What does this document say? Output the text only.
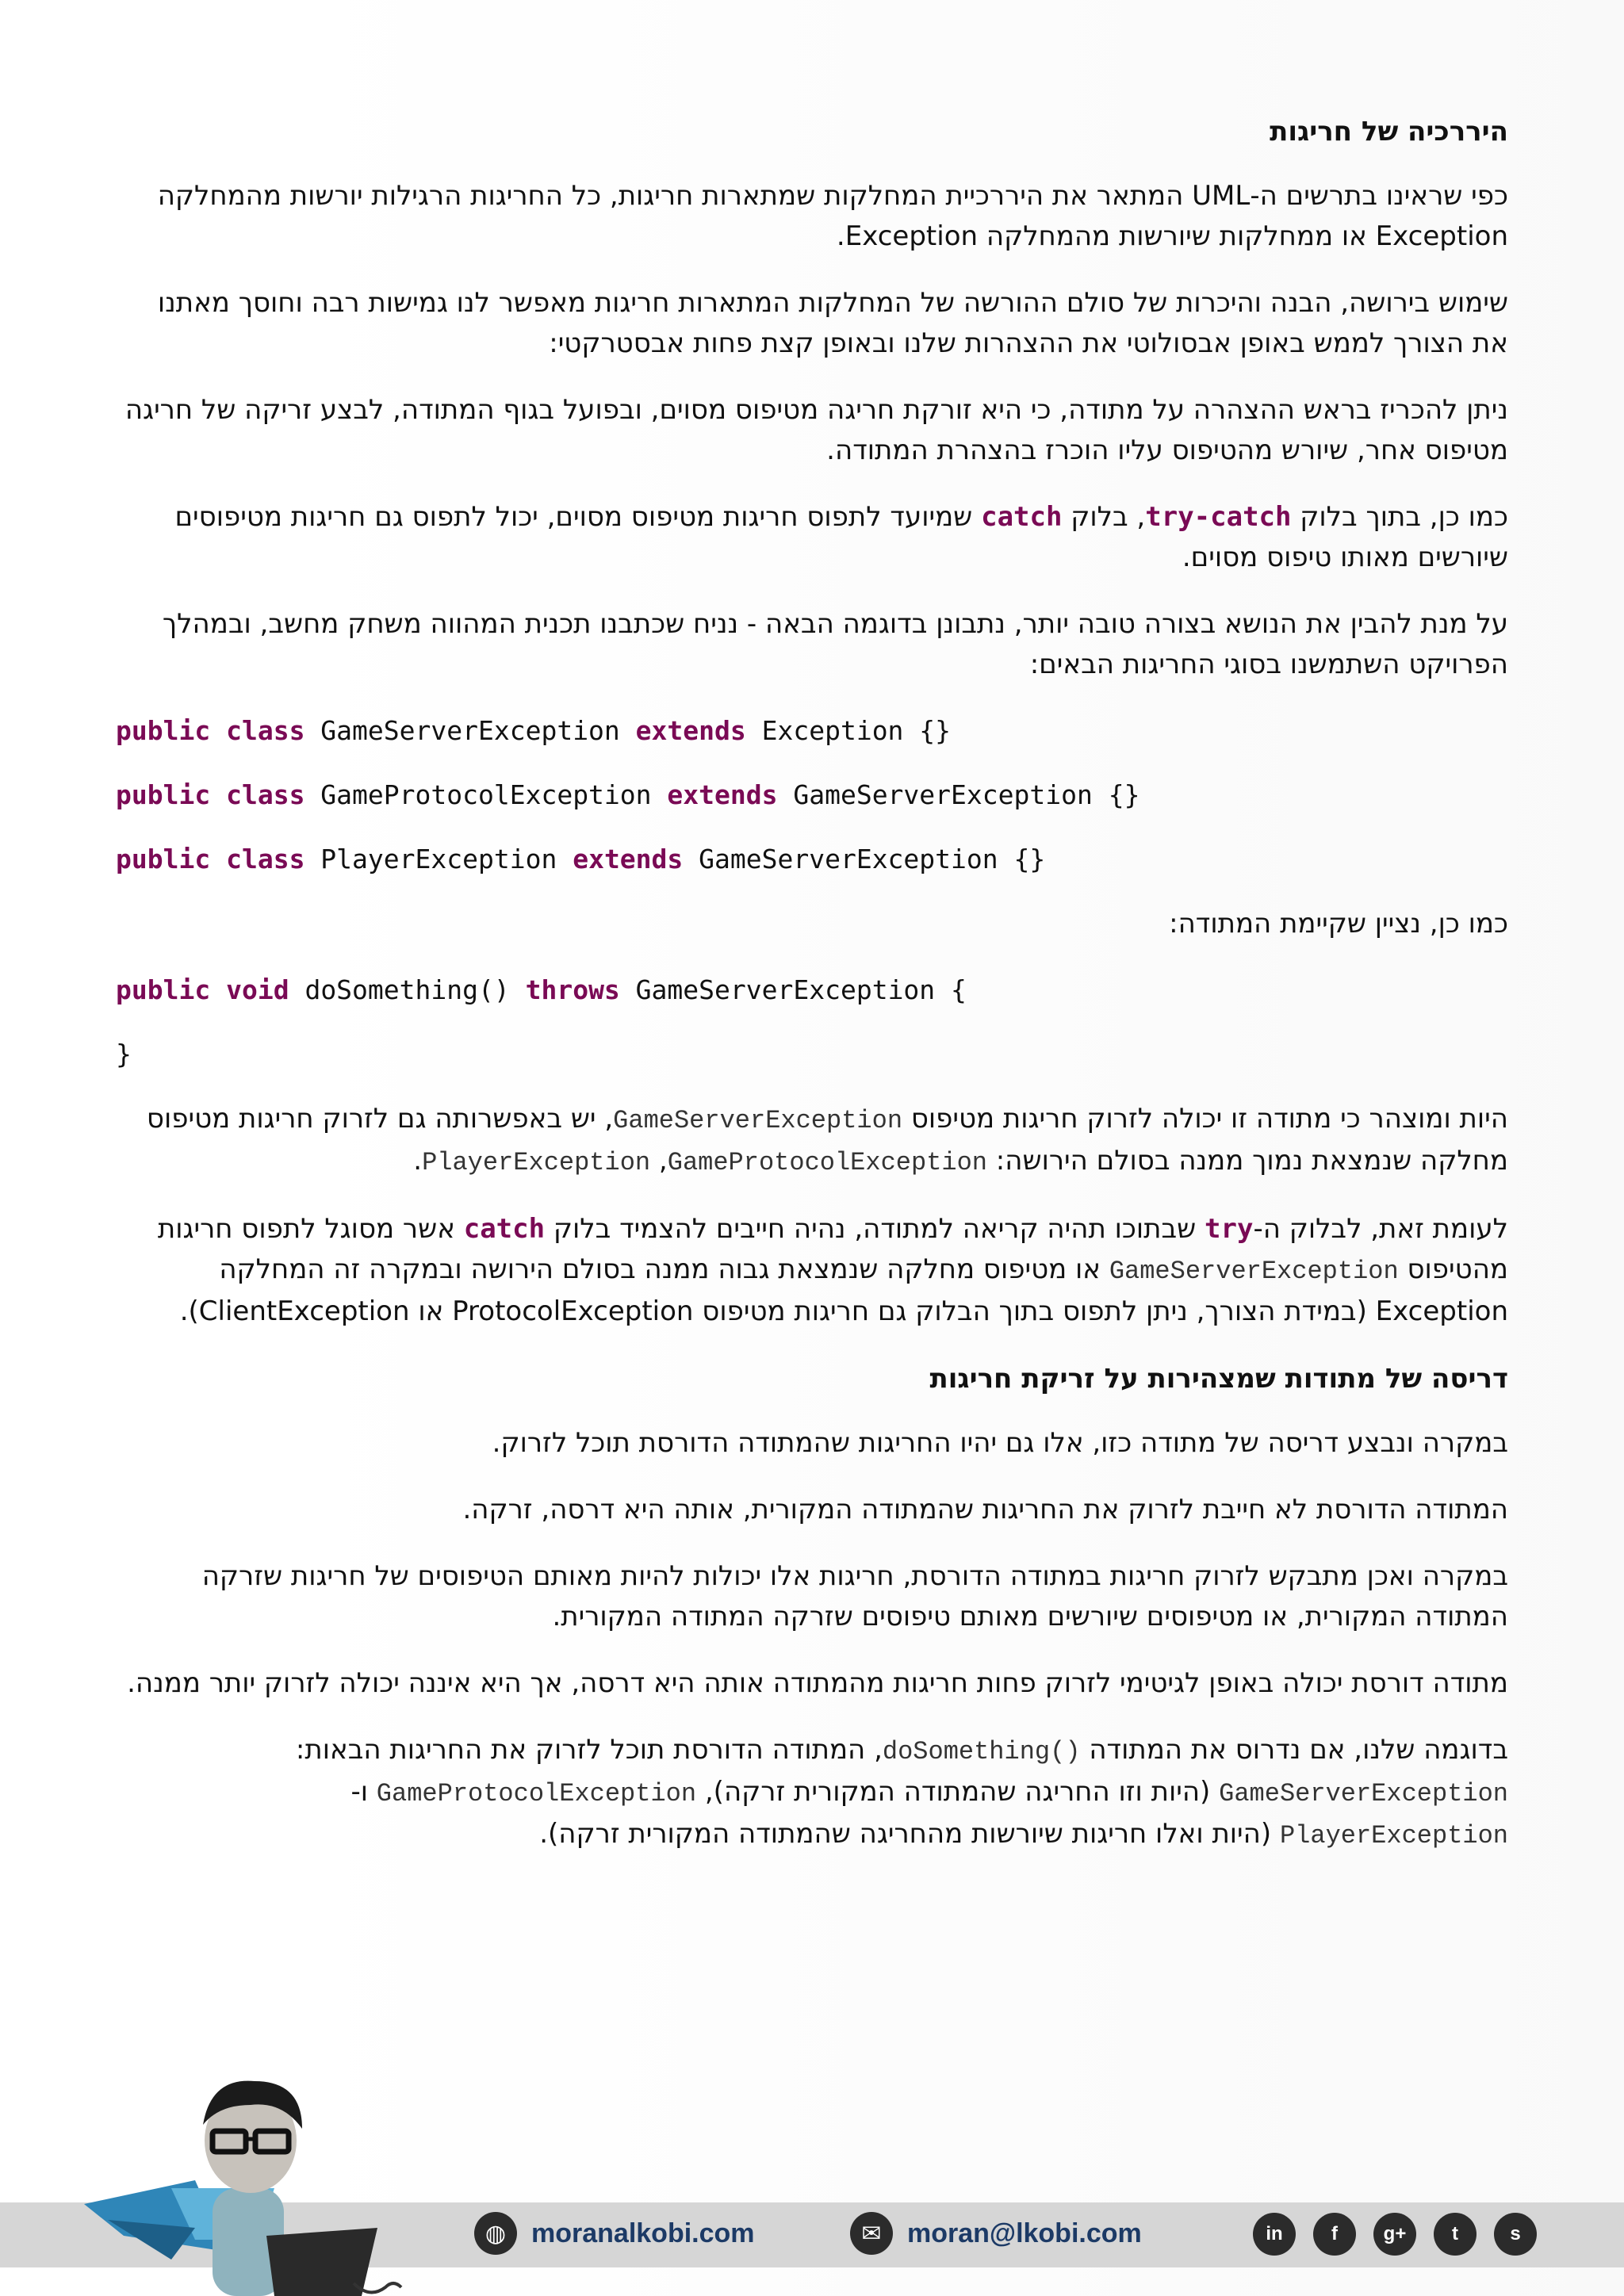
היררכיה של חריגות
כפי שראינו בתרשים ה-UML המתאר את היררכיית המחלקות שמתארות חריגות, כל החריגות הרגילות יורשות מהמחלקה Exception או ממחלקות שיורשות מהמחלקה Exception.
שימוש בירושה, הבנה והיכרות של סולם ההורשה של המחלקות המתארות חריגות מאפשר לנו גמישות רבה וחוסך מאתנו את הצורך לממש באופן אבסולוטי את ההצהרות שלנו ובאופן קצת פחות אבסטרקטי:
ניתן להכריז בראש ההצהרה על מתודה, כי היא זורקת חריגה מטיפוס מסוים, ובפועל בגוף המתודה, לבצע זריקה של חריגה מטיפוס אחר, שיורש מהטיפוס עליו הוכרז בהצהרת המתודה.
כמו כן, בתוך בלוק try-catch, בלוק catch שמיועד לתפוס חריגות מטיפוס מסוים, יכול לתפוס גם חריגות מטיפוסים שיורשים מאותו טיפוס מסוים.
על מנת להבין את הנושא בצורה טובה יותר, נתבונן בדוגמה הבאה - נניח שכתבנו תכנית המהווה משחק מחשב, ובמהלך הפרויקט השתמשנו בסוגי החריגות הבאים:
public class GameServerException extends Exception {}
public class GameProtocolException extends GameServerException {}
public class PlayerException extends GameServerException {}
כמו כן, נציין שקיימת המתודה:
public void doSomething() throws GameServerException {
}
היות ומוצהר כי מתודה זו יכולה לזרוק חריגות מטיפוס GameServerException, יש באפשרותה גם לזרוק חריגות מטיפוס מחלקה שנמצאת נמוך ממנה בסולם הירושה: GameProtocolException, PlayerException.
לעומת זאת, לבלוק ה-try שבתוכו תהיה קריאה למתודה, נהיה חייבים להצמיד בלוק catch אשר מסוגל לתפוס חריגות מהטיפוס GameServerException או מטיפוס מחלקה שנמצאת גבוה ממנה בסולם הירושה ובמקרה זה המחלקה Exception (במידת הצורך, ניתן לתפוס בתוך הבלוק גם חריגות מטיפוס ProtocolException או ClientException).
דריסה של מתודות שמצהירות על זריקת חריגות
במקרה ונבצע דריסה של מתודה כזו, אלו גם יהיו החריגות שהמתודה הדורסת תוכל לזרוק.
המתודה הדורסת לא חייבת לזרוק את החריגות שהמתודה המקורית, אותה היא דרסה, זרקה.
במקרה ואכן מתבקש לזרוק חריגות במתודה הדורסת, חריגות אלו יכולות להיות מאותם הטיפוסים של חריגות שזרקה המתודה המקורית, או מטיפוסים שיורשים מאותם טיפוסים שזרקה המתודה המקורית.
מתודה דורסת יכולה באופן לגיטימי לזרוק פחות חריגות מהמתודה אותה היא דרסה, אך היא איננה יכולה לזרוק יותר ממנה.
בדוגמה שלנו, אם נדרוס את המתודה doSomething(), המתודה הדורסת תוכל לזרוק את החריגות הבאות: GameServerException (היות וזו החריגה שהמתודה המקורית זרקה), GameProtocolException ו- PlayerException (היות ואלו חריגות שיורשות מהחריגה שהמתודה המקורית זרקה).
◍ moranalkobi.com	✉ moran@lkobi.com	in	f	g+	t	s
